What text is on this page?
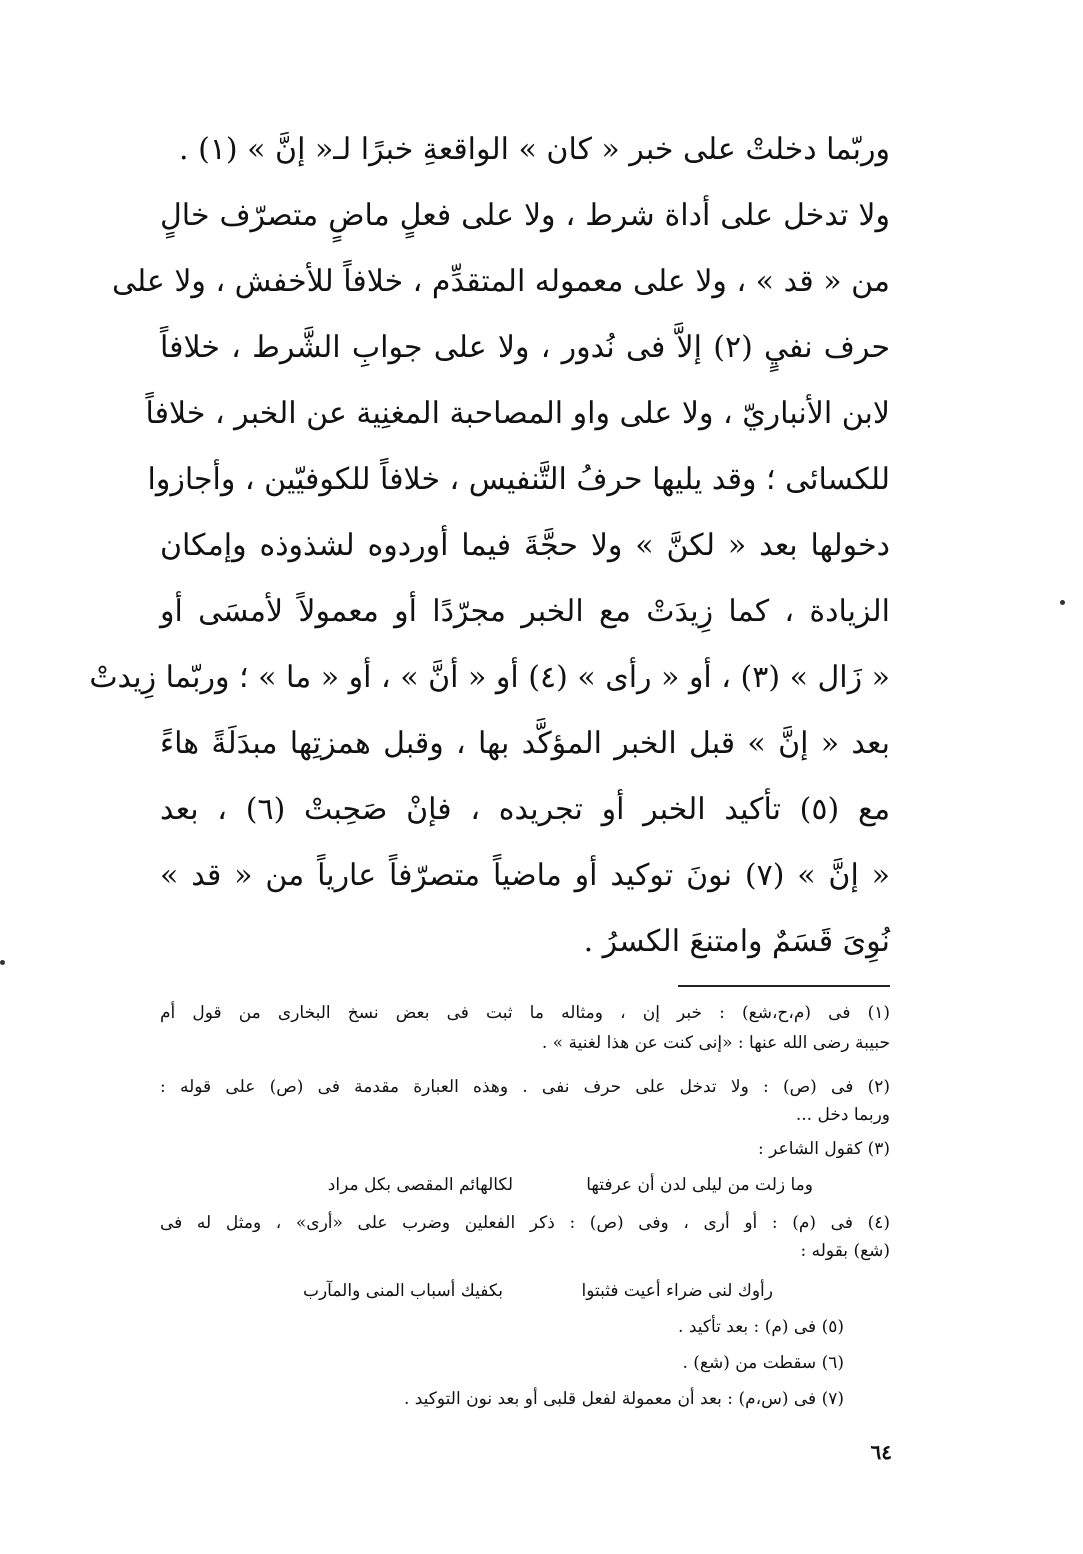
وربّما دخلتْ على خبر « كان » الواقعةِ خبرًا لـ« إنَّ » (١) .
ولا تدخل على أداة شرط ، ولا على فعلٍ ماضٍ متصرّف خالٍ
من « قد » ، ولا على معموله المتقدِّم ، خلافاً للأخفش ، ولا على
حرف نفيٍ (٢) إلاَّ فى نُدور ، ولا على جوابِ الشَّرط ، خلافاً
لابن الأنباريّ ، ولا على واو المصاحبة المغنِية عن الخبر ، خلافاً
للكسائى ؛ وقد يليها حرفُ التَّنفيس ، خلافاً للكوفيّين ، وأجازوا
دخولها بعد « لكنَّ » ولا حجَّةَ فيما أوردوه لشذوذه وإمكان
الزيادة ، كما زِيدَتْ مع الخبر مجرّدًا أو معمولاً لأمسَى أو
« زَال » (٣) ، أو « رأى » (٤) أو « أنَّ » ، أو « ما » ؛ وربّما زِيدتْ
بعد « إنَّ » قبل الخبر المؤكَّد بها ، وقبل همزتِها مبدَلَةً هاءً
مع (٥) تأكيد الخبر أو تجريده ، فإنْ صَحِبتْ (٦) ، بعد
« إنَّ » (٧) نونَ توكيد أو ماضياً متصرّفاً عارياً من « قد »
نُوِىَ قَسَمٌ وامتنعَ الكسرُ .
(١) فى (م،ح،شع) : خبر إن ، ومثاله ما ثبت فى بعض نسخ البخارى من قول أم
حبيبة رضى الله عنها : «إنى كنت عن هذا لغنية » .
(٢) فى (ص) : ولا تدخل على حرف نفى . وهذه العبارة مقدمة فى (ص) على قوله :
وربما دخل ...
(٣) كقول الشاعر :
وما زلت من ليلى لدن أن عرفتها
لكالهائم المقصى بكل مراد
(٤) فى (م) : أو أرى ، وفى (ص) : ذكر الفعلين وضرب على «أرى» ، ومثل له فى
(شع) بقوله :
رأوك لنى ضراء أعيت فثبتوا
بكفيك أسباب المنى والمآرب
(٥) فى (م) : بعد تأكيد .
(٦) سقطت من (شع) .
(٧) فى (س،م) : بعد أن معمولة لفعل قلبى أو بعد نون التوكيد .
٦٤
